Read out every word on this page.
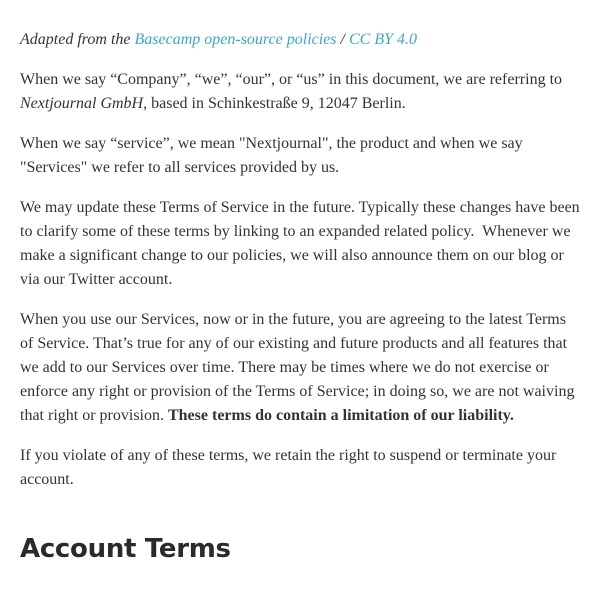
Adapted from the Basecamp open-source policies / CC BY 4.0

When we say “Company”, “we”, “our”, or “us” in this document, we are referring to Nextjournal GmbH, based in Schinkestraße 9, 12047 Berlin.

When we say “service”, we mean "Nextjournal", the product and when we say "Services" we refer to all services provided by us.

We may update these Terms of Service in the future. Typically these changes have been to clarify some of these terms by linking to an expanded related policy.  Whenever we make a significant change to our policies, we will also announce them on our blog or via our Twitter account.

When you use our Services, now or in the future, you are agreeing to the latest Terms of Service. That’s true for any of our existing and future products and all features that we add to our Services over time. There may be times where we do not exercise or enforce any right or provision of the Terms of Service; in doing so, we are not waiving that right or provision. These terms do contain a limitation of our liability.

If you violate of any of these terms, we retain the right to suspend or terminate your account.

Account Terms
